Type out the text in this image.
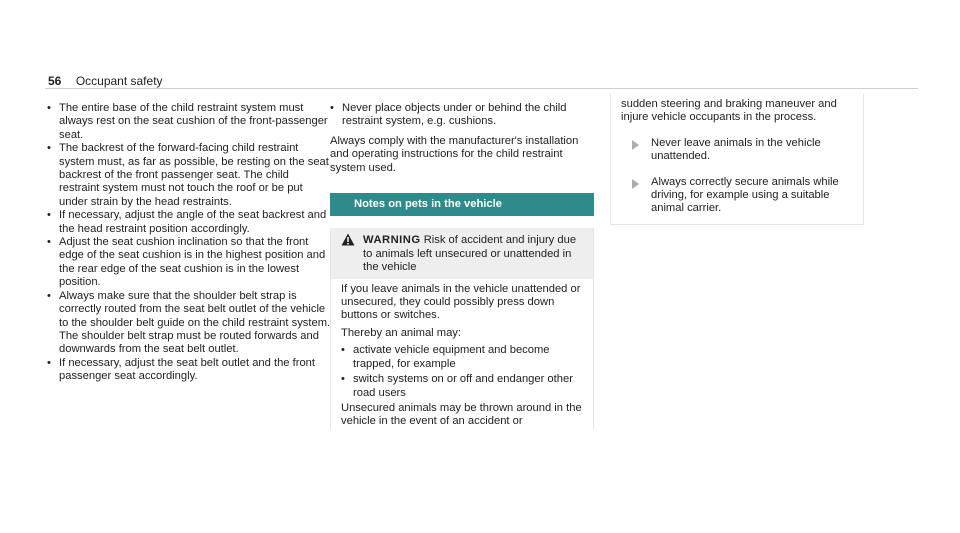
56 Occupant safety
• The entire base of the child restraint system must always rest on the seat cushion of the front-passenger seat.
• The backrest of the forward-facing child restraint system must, as far as possible, be resting on the seat backrest of the front passenger seat. The child restraint system must not touch the roof or be put under strain by the head restraints.
• If necessary, adjust the angle of the seat backrest and the head restraint position accordingly.
• Adjust the seat cushion inclination so that the front edge of the seat cushion is in the highest position and the rear edge of the seat cushion is in the lowest position.
• Always make sure that the shoulder belt strap is correctly routed from the seat belt outlet of the vehicle to the shoulder belt guide on the child restraint system. The shoulder belt strap must be routed forwards and downwards from the seat belt outlet.
• If necessary, adjust the seat belt outlet and the front passenger seat accordingly.
• Never place objects under or behind the child restraint system, e.g. cushions.

Always comply with the manufacturer's installation and operating instructions for the child restraint system used.

Notes on pets in the vehicle
WARNING Risk of accident and injury due to animals left unsecured or unattended in the vehicle

If you leave animals in the vehicle unattended or unsecured, they could possibly press down buttons or switches.

Thereby an animal may:

• activate vehicle equipment and become trapped, for example
• switch systems on or off and endanger other road users

Unsecured animals may be thrown around in the vehicle in the event of an accident or

sudden steering and braking maneuver and injure vehicle occupants in the process.

Never leave animals in the vehicle unattended.
Always correctly secure animals while driving, for example using a suitable animal carrier.
